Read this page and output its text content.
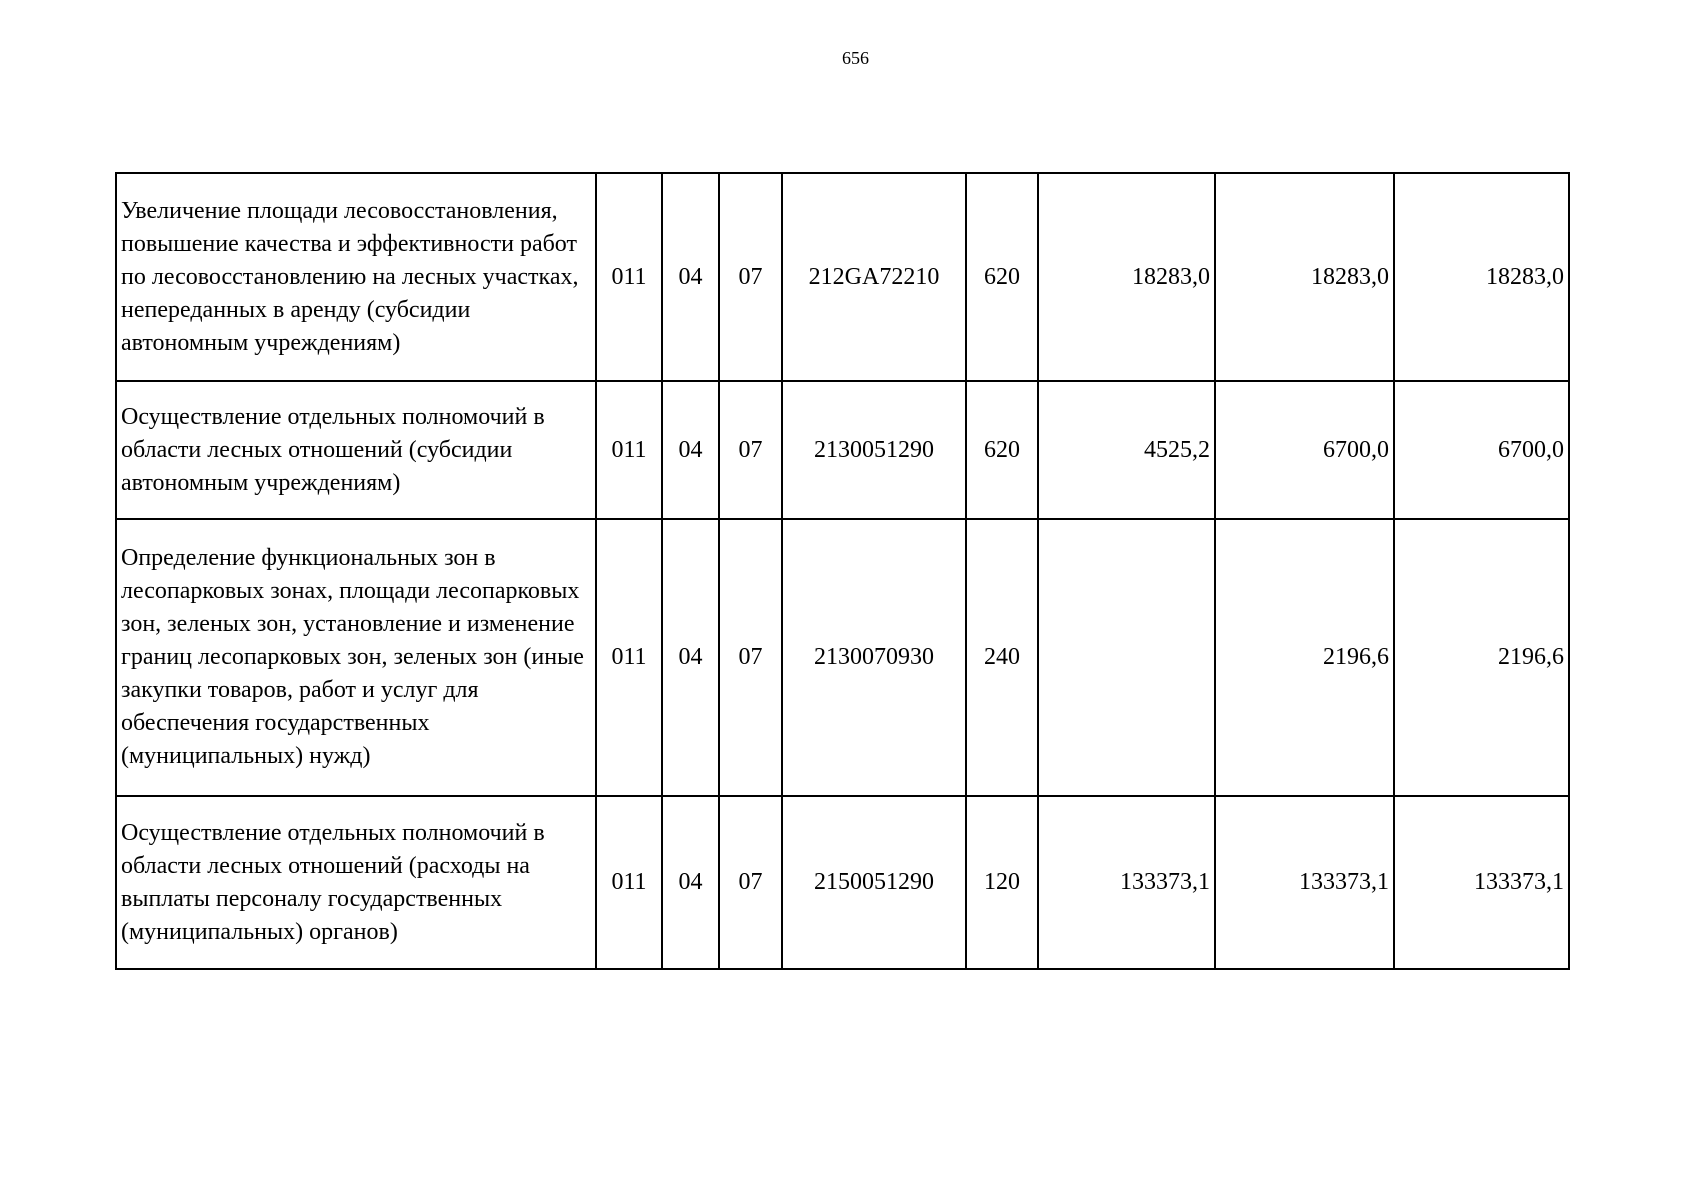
656
Увеличение площади лесовосстановления, повышение качества и эффективности работ по лесовосстановлению на лесных участках, непереданных в аренду (субсидии автономным учреждениям)	011	04	07	212GA72210	620	18283,0	18283,0	18283,0
Осуществление отдельных полномочий в области лесных отношений (субсидии автономным учреждениям)	011	04	07	2130051290	620	4525,2	6700,0	6700,0
Определение функциональных зон в лесопарковых зонах, площади лесопарковых зон, зеленых зон, установление и изменение границ лесопарковых зон, зеленых зон (иные закупки товаров, работ и услуг для обеспечения государственных (муниципальных) нужд)	011	04	07	2130070930	240		2196,6	2196,6
Осуществление отдельных полномочий в области лесных отношений (расходы на выплаты персоналу государственных (муниципальных) органов)	011	04	07	2150051290	120	133373,1	133373,1	133373,1
